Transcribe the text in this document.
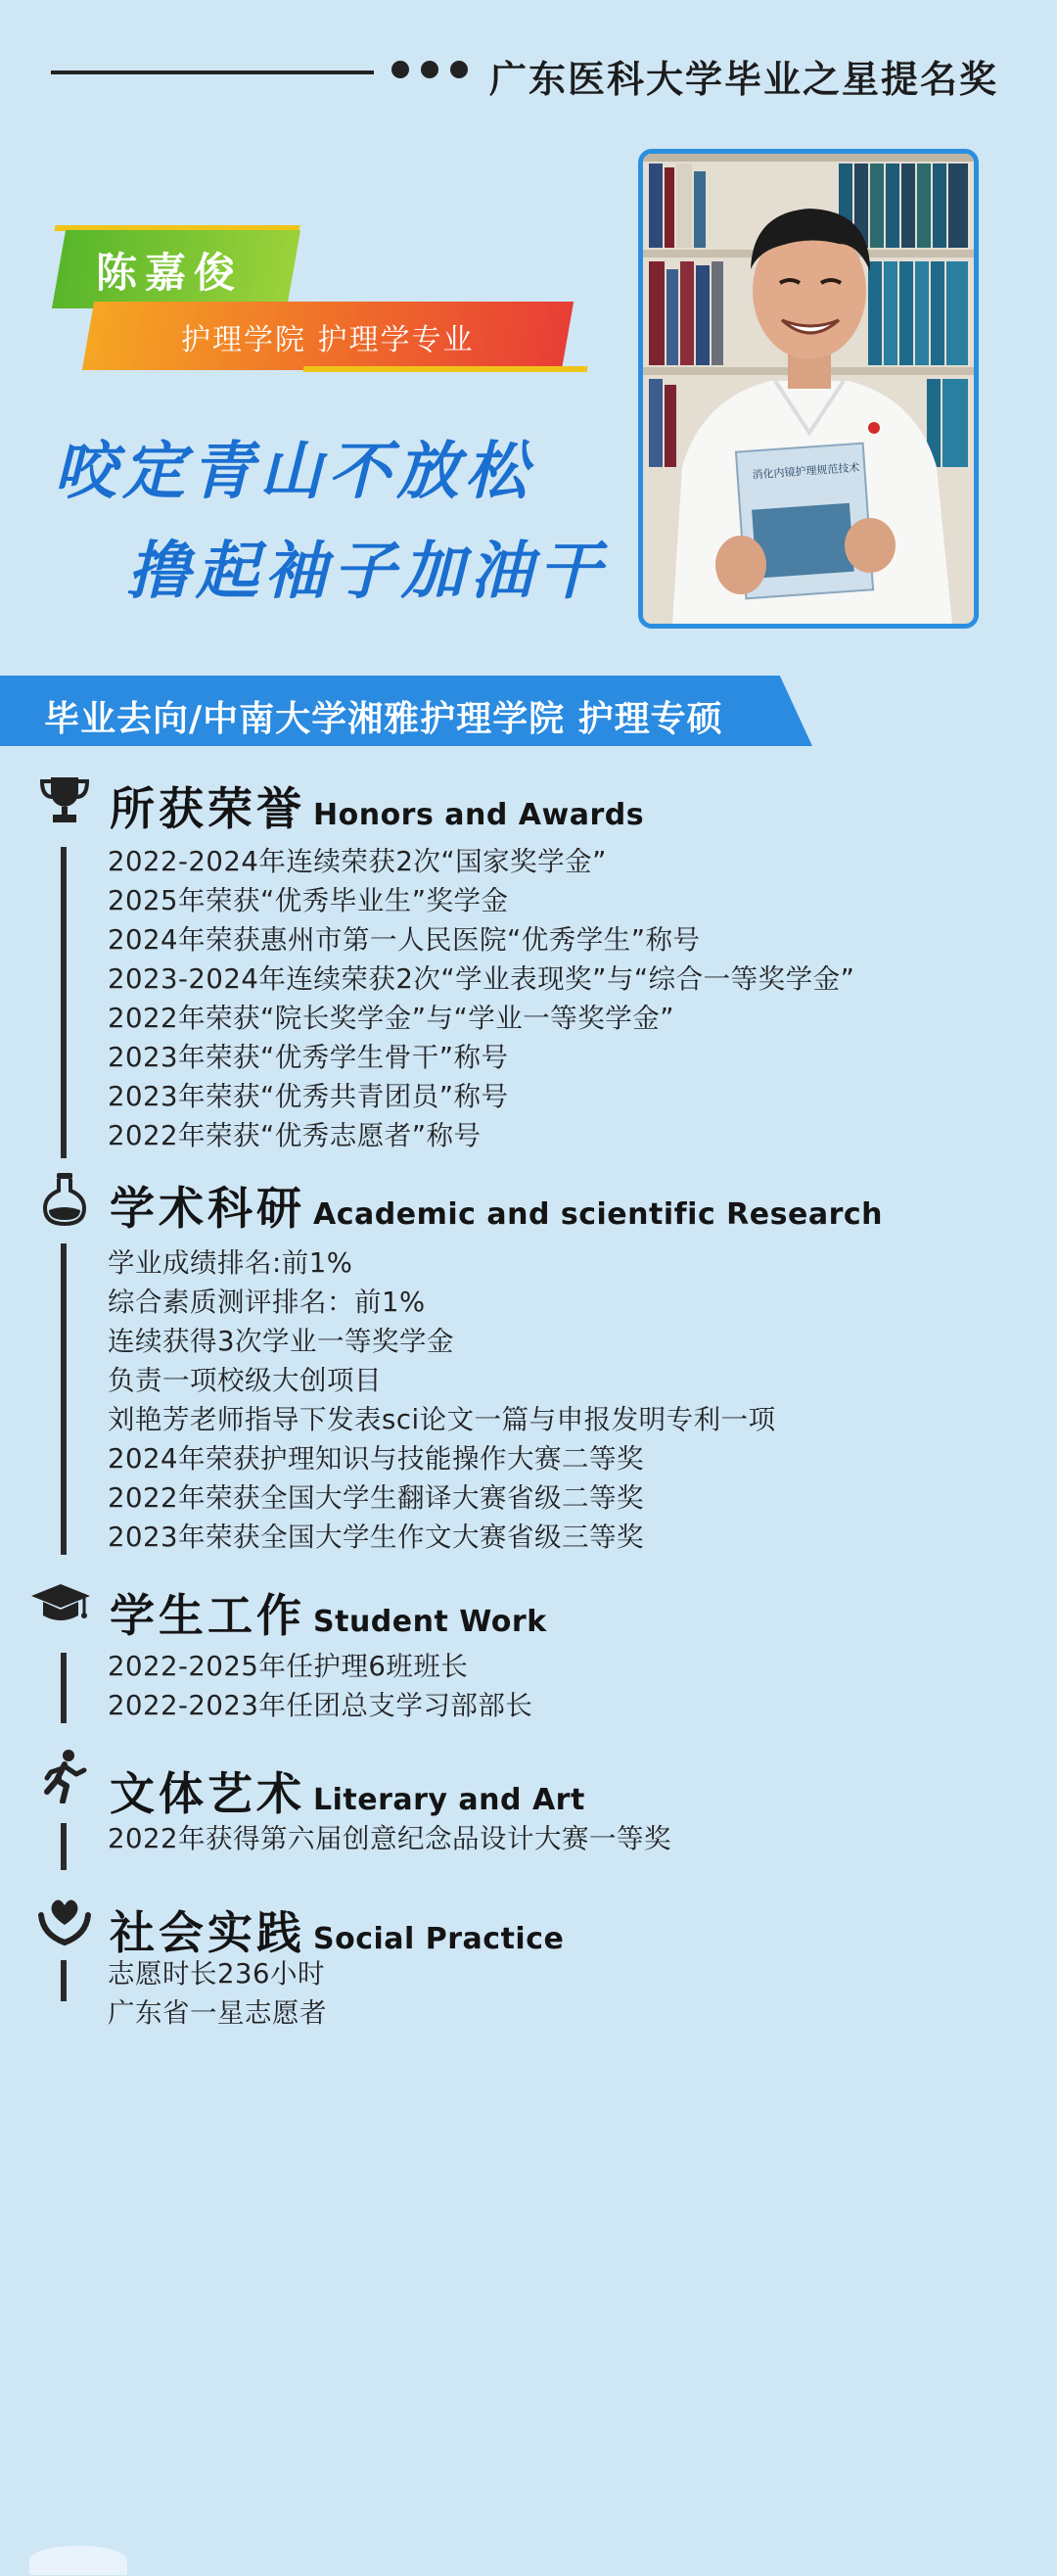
广东医科大学毕业之星提名奖
陈嘉俊
护理学院 护理学专业
咬定青山不放松
撸起袖子加油干
消化内镜护理规范技术
毕业去向/中南大学湘雅护理学院 护理专硕
所获荣誉 Honors and Awards
2022-2024年连续荣获2次“国家奖学金”
2025年荣获“优秀毕业生”奖学金
2024年荣获惠州市第一人民医院“优秀学生”称号
2023-2024年连续荣获2次“学业表现奖”与“综合一等奖学金”
2022年荣获“院长奖学金”与“学业一等奖学金”
2023年荣获“优秀学生骨干”称号
2023年荣获“优秀共青团员”称号
2022年荣获“优秀志愿者”称号
学术科研 Academic and scientific Research
学业成绩排名:前1%
综合素质测评排名：前1%
连续获得3次学业一等奖学金
负责一项校级大创项目
刘艳芳老师指导下发表sci论文一篇与申报发明专利一项
2024年荣获护理知识与技能操作大赛二等奖
2022年荣获全国大学生翻译大赛省级二等奖
2023年荣获全国大学生作文大赛省级三等奖
学生工作 Student Work
2022-2025年任护理6班班长
2022-2023年任团总支学习部部长
文体艺术 Literary and Art
2022年获得第六届创意纪念品设计大赛一等奖
社会实践 Social Practice
志愿时长236小时
广东省一星志愿者
